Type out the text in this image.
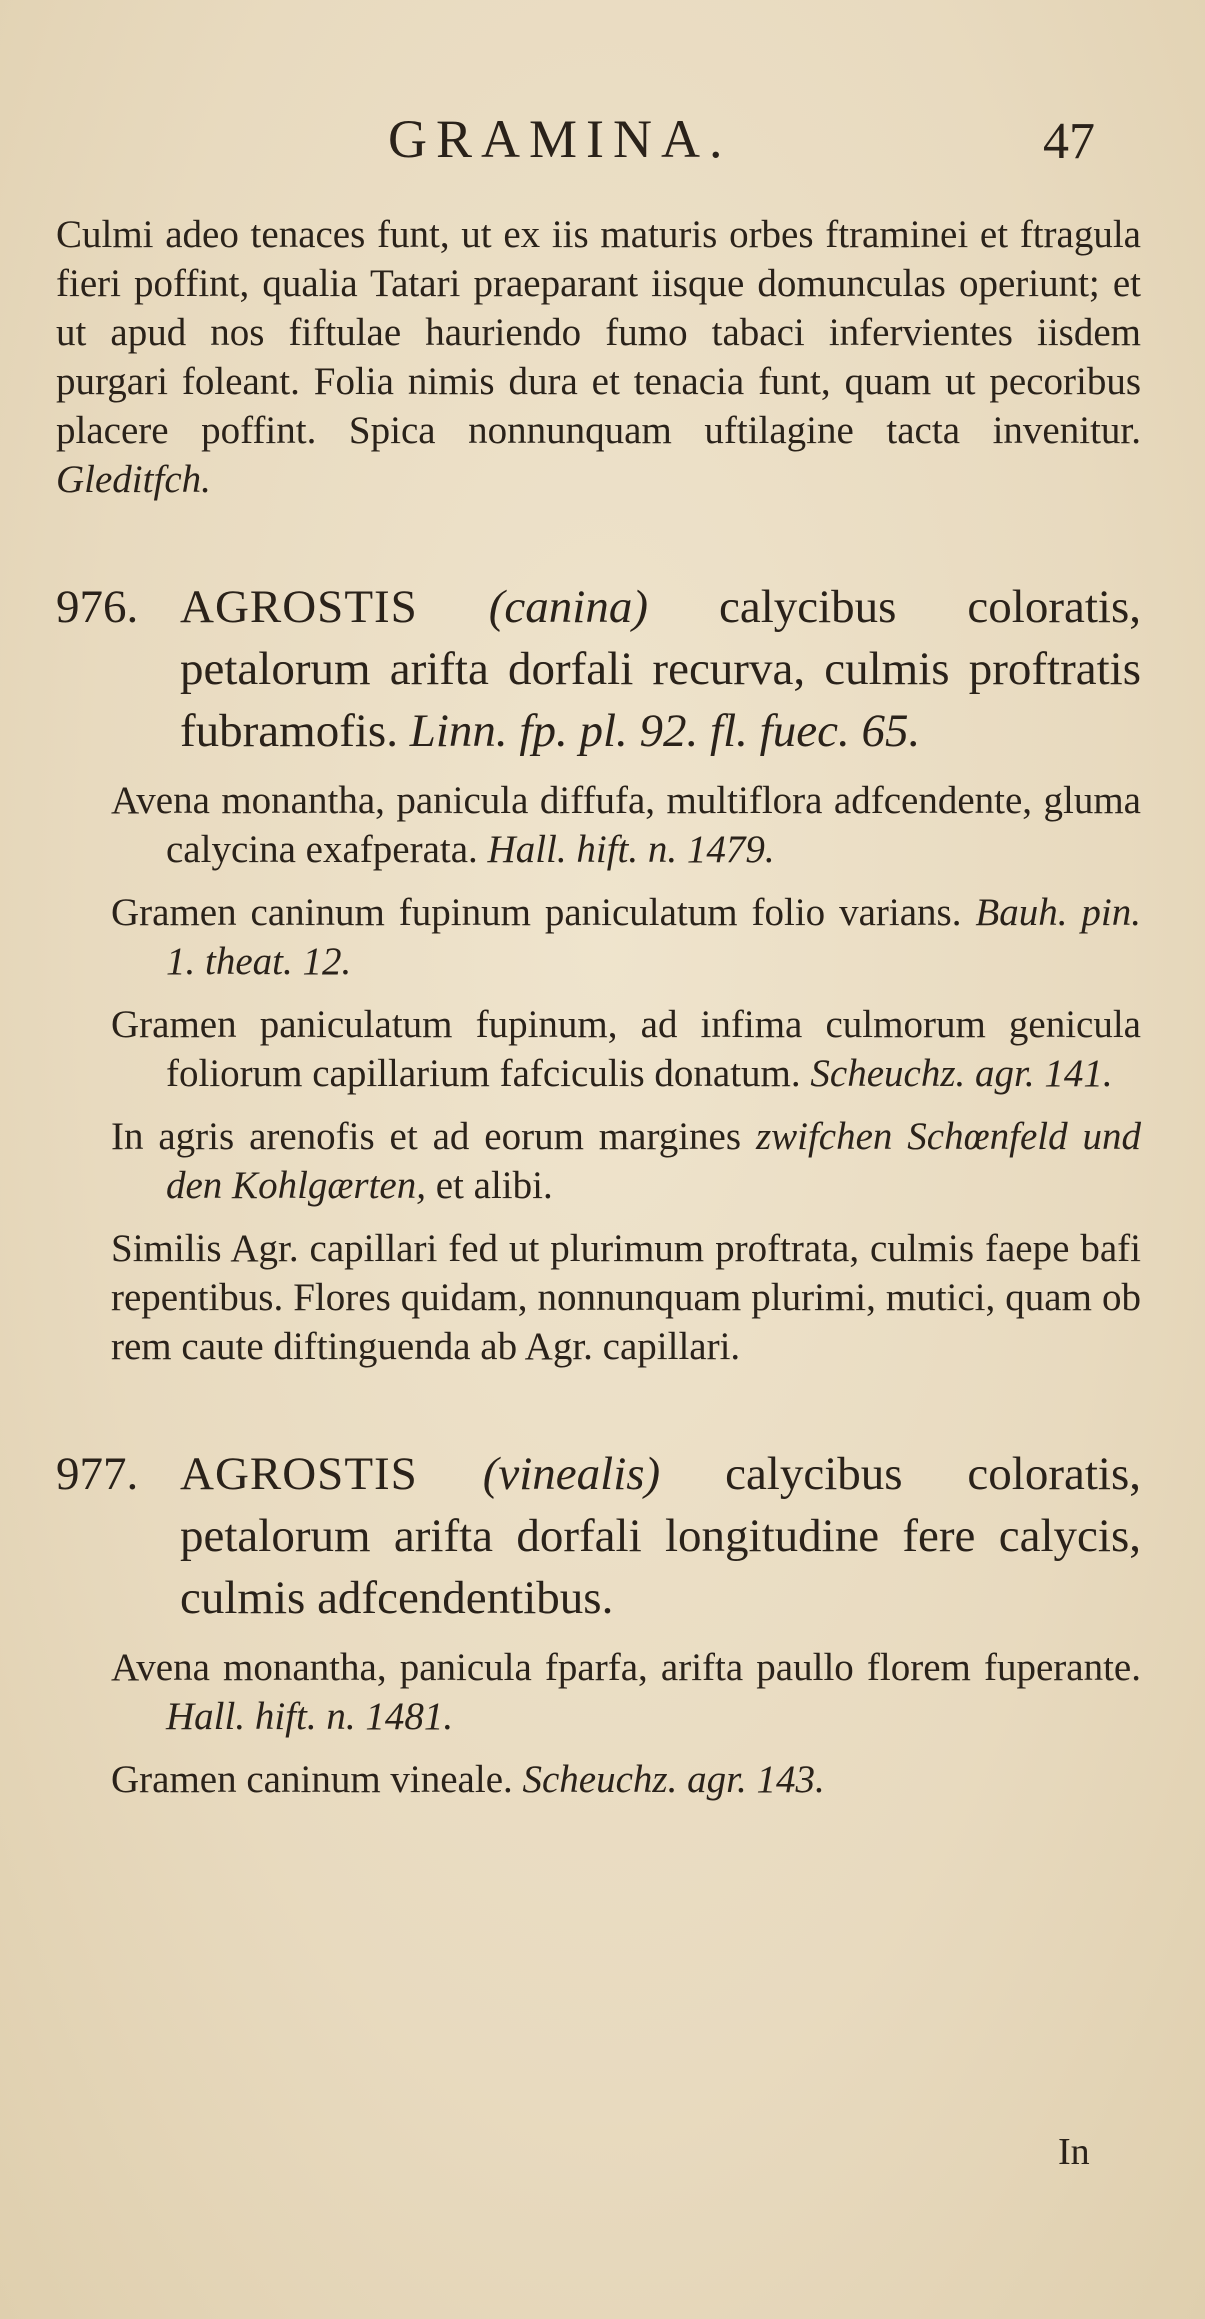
GRAMINA.	47

Culmi adeo tenaces funt, ut ex iis maturis orbes ftraminei et ftragula fieri poffint, qualia Tatari praeparant iisque domunculas operiunt; et ut apud nos fiftulae hauriendo fumo tabaci infervientes iisdem purgari foleant. Folia nimis dura et tenacia funt, quam ut pecoribus placere poffint. Spica nonnunquam uftilagine tacta invenitur. Gleditfch.

976. AGROSTIS (canina) calycibus coloratis, petalorum arifta dorfali recurva, culmis proftratis fubramofis. Linn. fp. pl. 92. fl. fuec. 65.

Avena monantha, panicula diffufa, multiflora adfcendente, gluma calycina exafperata. Hall. hift. n. 1479.

Gramen caninum fupinum paniculatum folio varians. Bauh. pin. 1. theat. 12.

Gramen paniculatum fupinum, ad infima culmorum genicula foliorum capillarium fafciculis donatum. Scheuchz. agr. 141.

In agris arenofis et ad eorum margines zwifchen Schœnfeld und den Kohlgærten, et alibi.

Similis Agr. capillari fed ut plurimum proftrata, culmis faepe bafi repentibus. Flores quidam, nonnunquam plurimi, mutici, quam ob rem caute diftinguenda ab Agr. capillari.

977. AGROSTIS (vinealis) calycibus coloratis, petalorum arifta dorfali longitudine fere calycis, culmis adfcendentibus.

Avena monantha, panicula fparfa, arifta paullo florem fuperante. Hall. hift. n. 1481.

Gramen caninum vineale. Scheuchz. agr. 143.

In
